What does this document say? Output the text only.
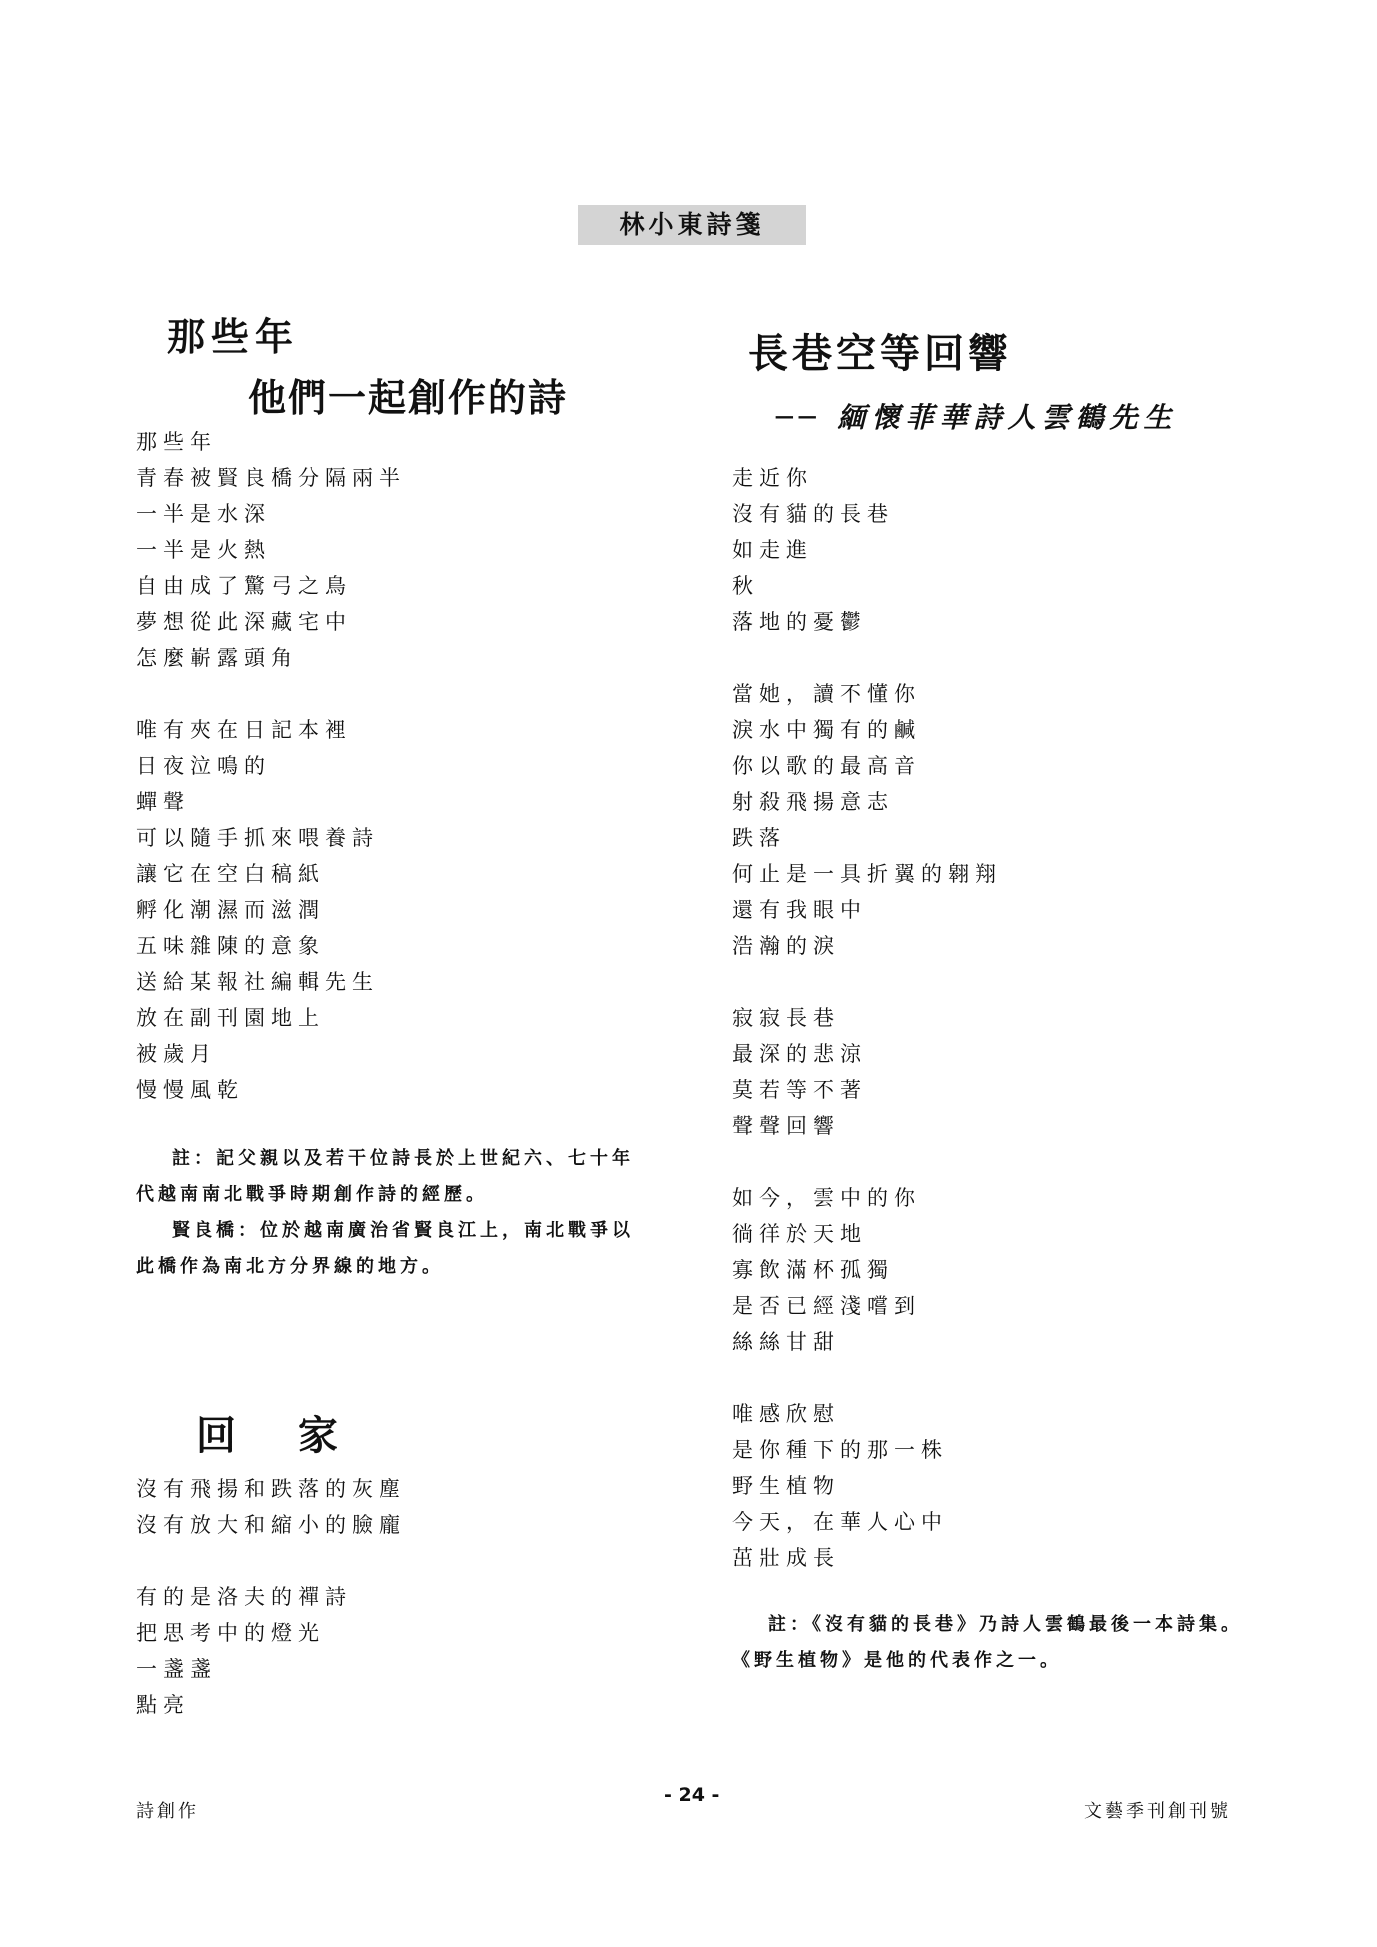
林小東詩箋
那些年
他們一起創作的詩
那些年
青春被賢良橋分隔兩半
一半是水深
一半是火熱
自由成了驚弓之鳥
夢想從此深藏宅中
怎麼嶄露頭角
唯有夾在日記本裡
日夜泣鳴的
蟬聲
可以隨手抓來喂養詩
讓它在空白稿紙
孵化潮濕而滋潤
五味雜陳的意象
送給某報社編輯先生
放在副刊園地上
被歲月
慢慢風乾

註：記父親以及若干位詩長於上世紀六、七十年代越南南北戰爭時期創作詩的經歷。

賢良橋：位於越南廣治省賢良江上，南北戰爭以此橋作為南北方分界線的地方。

回 家
沒有飛揚和跌落的灰塵
沒有放大和縮小的臉龐
有的是洛夫的禪詩
把思考中的燈光
一盞盞
點亮
長巷空等回響
── 緬懷菲華詩人雲鶴先生
走近你
沒有貓的長巷
如走進
秋
落地的憂鬱
當她，讀不懂你
淚水中獨有的鹹
你以歌的最高音
射殺飛揚意志
跌落
何止是一具折翼的翱翔
還有我眼中
浩瀚的淚
寂寂長巷
最深的悲涼
莫若等不著
聲聲回響
如今，雲中的你
徜徉於天地
寡飲滿杯孤獨
是否已經淺嚐到
絲絲甘甜
唯感欣慰
是你種下的那一株
野生植物
今天，在華人心中
茁壯成長

註：《沒有貓的長巷》乃詩人雲鶴最後一本詩集。《野生植物》是他的代表作之一。

詩創作
- 24 -
文藝季刊創刊號
